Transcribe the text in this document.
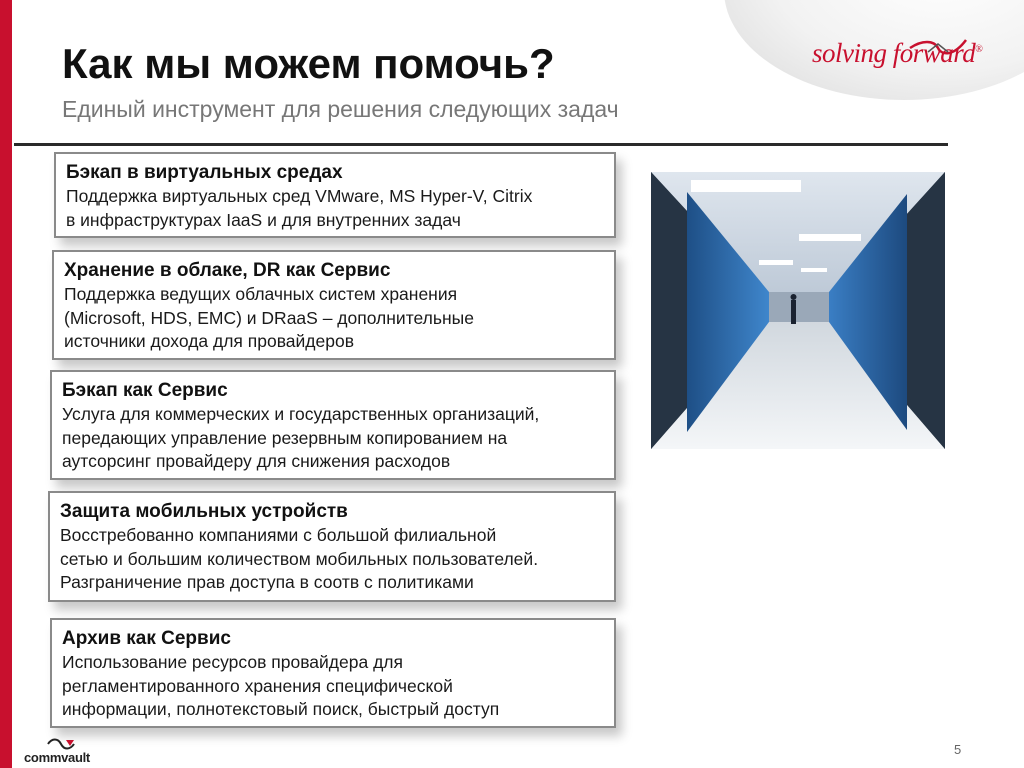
solving forward®
Как мы можем помочь?
Единый инструмент для решения следующих задач
Бэкап в виртуальных средах
Поддержка виртуальных сред VMware, MS Hyper-V, Citrix
в инфраструктурах IaaS и для внутренних задач
Хранение в облаке, DR как Сервис
Поддержка ведущих облачных систем хранения
(Microsoft, HDS, EMC) и DRaaS – дополнительные
источники дохода для провайдеров
Бэкап как Сервис
Услуга для коммерческих и государственных организаций,
передающих управление резервным копированием на
аутсорсинг провайдеру для снижения расходов
Защита мобильных устройств
Восстребованно компаниями с большой филиальной
сетью и большим количеством мобильных пользователей.
Разграничение прав доступа в соотв с политиками
Архив как Сервис
Использование ресурсов провайдера для
регламентированного хранения специфической
информации, полнотекстовый поиск, быстрый доступ
5
commvault
